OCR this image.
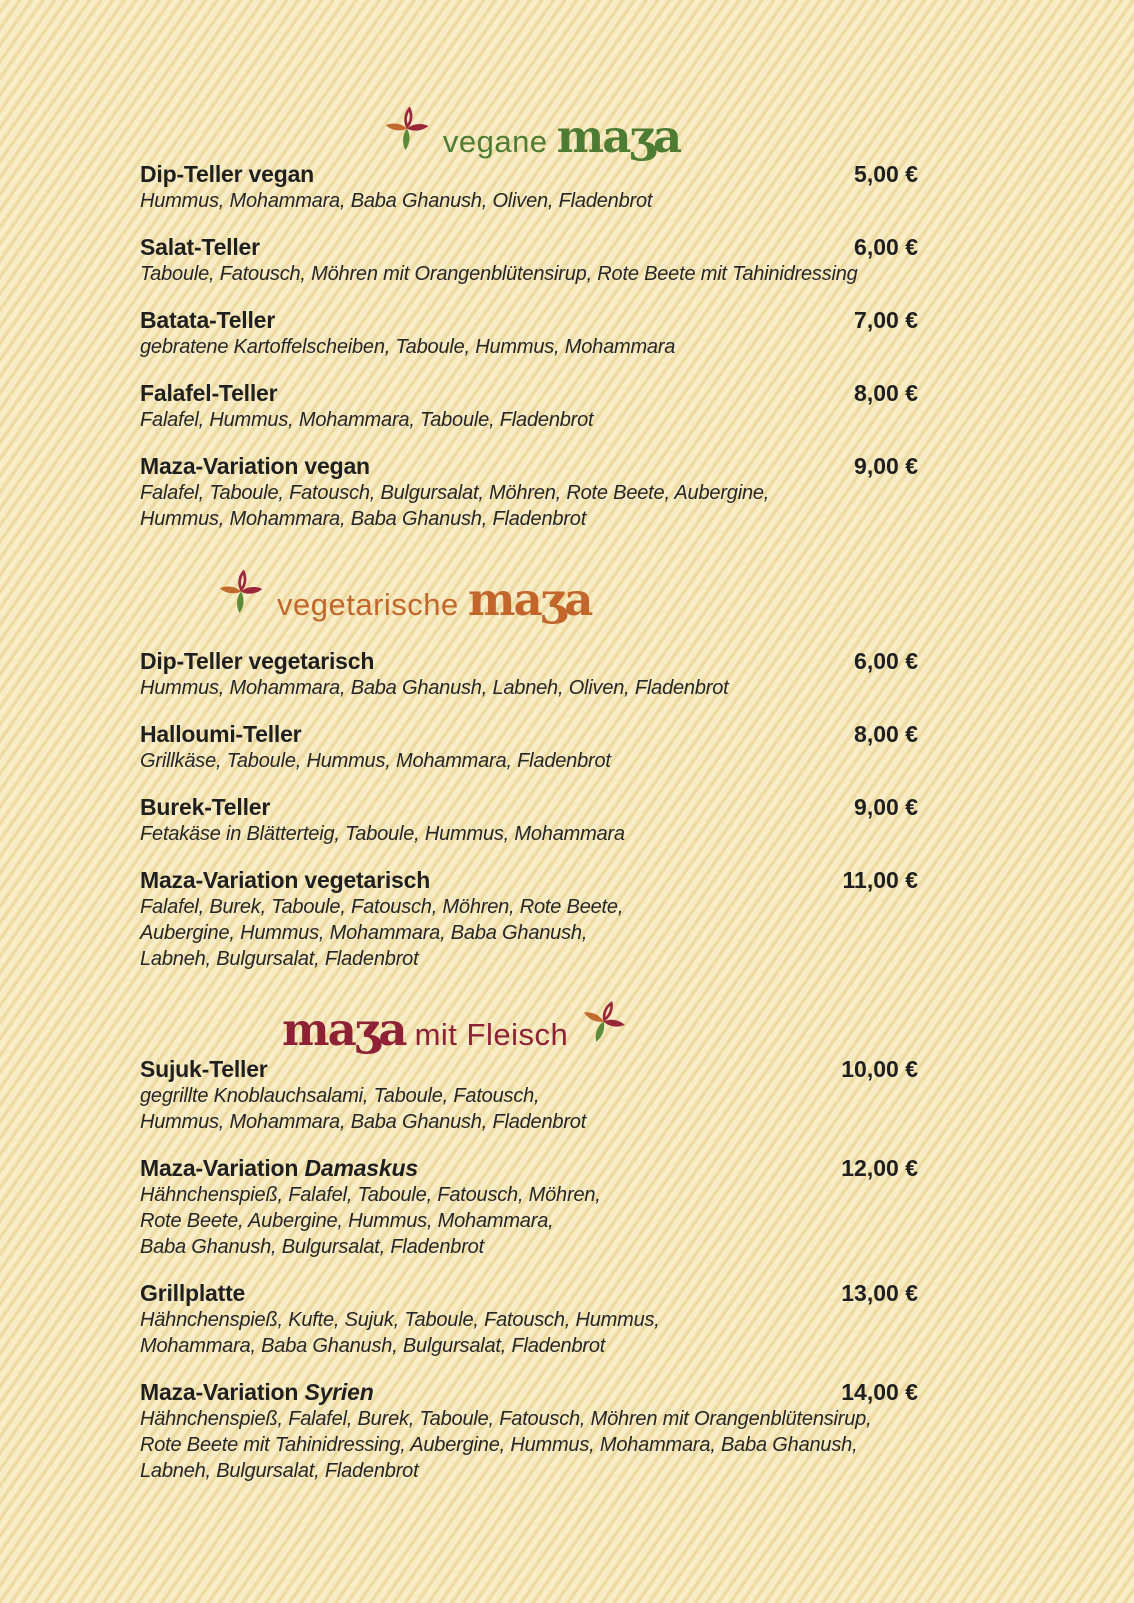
vegane maʒa
Dip-Teller vegan	5,00 €
Hummus, Mohammara, Baba Ghanush, Oliven, Fladenbrot
Salat-Teller	6,00 €
Taboule, Fatousch, Möhren mit Orangenblütensirup, Rote Beete mit Tahinidressing
Batata-Teller	7,00 €
gebratene Kartoffelscheiben, Taboule, Hummus, Mohammara
Falafel-Teller	8,00 €
Falafel, Hummus, Mohammara, Taboule, Fladenbrot
Maza-Variation vegan	9,00 €
Falafel, Taboule, Fatousch, Bulgursalat, Möhren, Rote Beete, Aubergine,
Hummus, Mohammara, Baba Ghanush, Fladenbrot
vegetarische maʒa
Dip-Teller vegetarisch	6,00 €
Hummus, Mohammara, Baba Ghanush, Labneh, Oliven, Fladenbrot
Halloumi-Teller	8,00 €
Grillkäse, Taboule, Hummus, Mohammara, Fladenbrot
Burek-Teller	9,00 €
Fetakäse in Blätterteig, Taboule, Hummus, Mohammara
Maza-Variation vegetarisch	11,00 €
Falafel, Burek, Taboule, Fatousch, Möhren, Rote Beete,
Aubergine, Hummus, Mohammara, Baba Ghanush,
Labneh, Bulgursalat, Fladenbrot
maʒa mit Fleisch
Sujuk-Teller	10,00 €
gegrillte Knoblauchsalami, Taboule, Fatousch,
Hummus, Mohammara, Baba Ghanush, Fladenbrot
Maza-Variation Damaskus	12,00 €
Hähnchenspieß, Falafel, Taboule, Fatousch, Möhren,
Rote Beete, Aubergine, Hummus, Mohammara,
Baba Ghanush, Bulgursalat, Fladenbrot
Grillplatte	13,00 €
Hähnchenspieß, Kufte, Sujuk, Taboule, Fatousch, Hummus,
Mohammara, Baba Ghanush, Bulgursalat, Fladenbrot
Maza-Variation Syrien	14,00 €
Hähnchenspieß, Falafel, Burek, Taboule, Fatousch, Möhren mit Orangenblütensirup,
Rote Beete mit Tahinidressing, Aubergine, Hummus, Mohammara, Baba Ghanush,
Labneh, Bulgursalat, Fladenbrot
